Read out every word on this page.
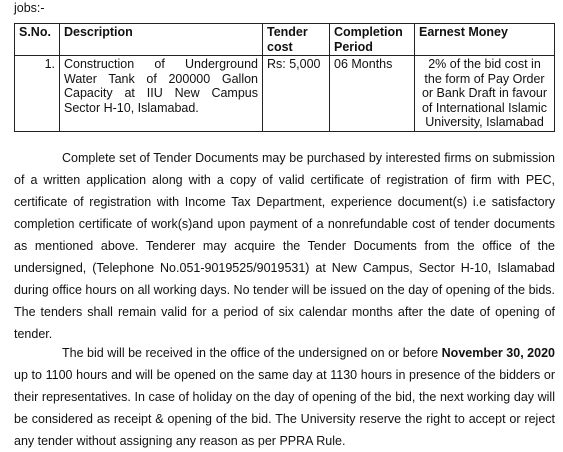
jobs:-
S.No.	Description	Tender cost	Completion Period	Earnest Money
1.	Construction of Underground Water Tank of 200000 Gallon Capacity at IIU New Campus Sector H-10, Islamabad.	Rs: 5,000	06 Months	2% of the bid cost in the form of Pay Order or Bank Draft in favour of International Islamic University, Islamabad

Complete set of Tender Documents may be purchased by interested firms on submission of a written application along with a copy of valid certificate of registration of firm with PEC, certificate of registration with Income Tax Department, experience document(s) i.e satisfactory completion certificate of work(s)and upon payment of a nonrefundable cost of tender documents as mentioned above. Tenderer may acquire the Tender Documents from the office of the undersigned, (Telephone No.051-9019525/9019531) at New Campus, Sector H-10, Islamabad during office hours on all working days. No tender will be issued on the day of opening of the bids. The tenders shall remain valid for a period of six calendar months after the date of opening of tender.

The bid will be received in the office of the undersigned on or before November 30, 2020 up to 1100 hours and will be opened on the same day at 1130 hours in presence of the bidders or their representatives. In case of holiday on the day of opening of the bid, the next working day will be considered as receipt & opening of the bid. The University reserve the right to accept or reject any tender without assigning any reason as per PPRA Rule.
